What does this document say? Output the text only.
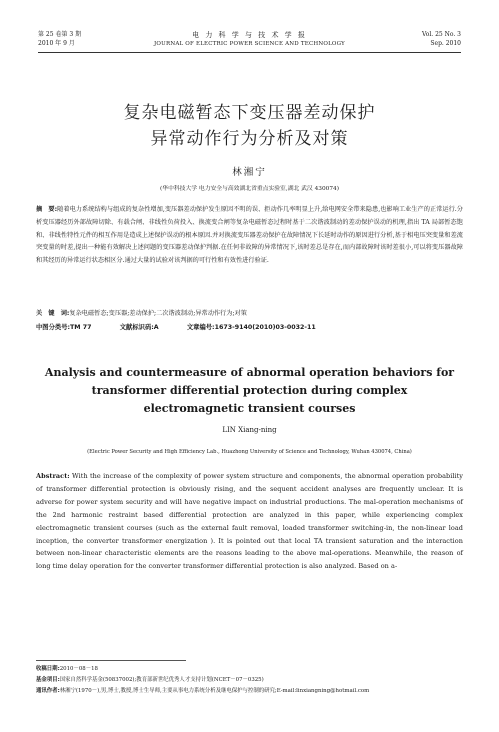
第 25 卷第 3 期
2010 年 9 月
电 力 科 学 与 技 术 学 报
JOURNAL OF ELECTRIC POWER SCIENCE AND TECHNOLOGY
Vol. 25 No. 3
Sep. 2010
复杂电磁暂态下变压器差动保护
异常动作行为分析及对策
林湘宁
(华中科技大学 电力安全与高效湖北省重点实验室,湖北 武汉 430074)
摘　要:随着电力系统结构与组成的复杂性增加,变压器差动保护发生原因不明的误、拒动作几率明显上升,给电网安全带来隐患,也影响工业生产的正常运行.分析变压器经历外部故障切除、有载合闸、非线性负荷投入、换流变合闸等复杂电磁暂态过程时基于二次谐波制动的差动保护误动的机理,指出 TA 局部暂态饱和、非线性特性元件的相互作用是造成上述保护误动的根本原因.并对换流变压器差动保护在故障情况下长延时动作的原因进行分析,基于相电压突变量和差流突变量的时差,提出一种能有效解决上述问题的变压器差动保护判据.在任何非故障的异常情况下,该时差总是存在,而内部故障时该时差很小,可以将变压器故障和其经历的异常运行状态相区分.通过大量的试验对该判据的可行性和有效性进行验证.
关　键　词:复杂电磁暂态;变压器;差动保护;二次谐波制动;异常动作行为;对策
中图分类号:TM 77	文献标识码:A	文章编号:1673-9140(2010)03-0032-11
Analysis and countermeasure of abnormal operation behaviors for
transformer differential protection during complex
electromagnetic transient courses
LIN Xiang-ning
(Electric Power Security and High Efficiency Lab., Huazhong University of Science and Technology, Wuhan 430074, China)
Abstract: With the increase of the complexity of power system structure and components, the abnormal operation probability of transformer differential protection is obviously rising, and the sequent accident analyses are frequently unclear. It is adverse for power system security and will have negative impact on industrial productions. The mal-operation mechanisms of the 2nd harmonic restraint based differential protection are analyzed in this paper, while experiencing complex electromagnetic transient courses (such as the external fault removal, loaded transformer switching-in, the non-linear load inception, the converter transformer energization ). It is pointed out that local TA transient saturation and the interaction between non-linear characteristic elements are the reasons leading to the above mal-operations. Meanwhile, the reason of long time delay operation for the converter transformer differential protection is also analyzed. Based on a-
收稿日期:2010－08－18
基金项目:国家自然科学基金(50837002);教育部新世纪优秀人才支持计划(NCET－07－0325)
通讯作者:林湘宁(1970－),男,博士,教授,博士生导师,主要从事电力系统分析及继电保护与控制的研究;E-mail:linxiangning@hotmail.com
